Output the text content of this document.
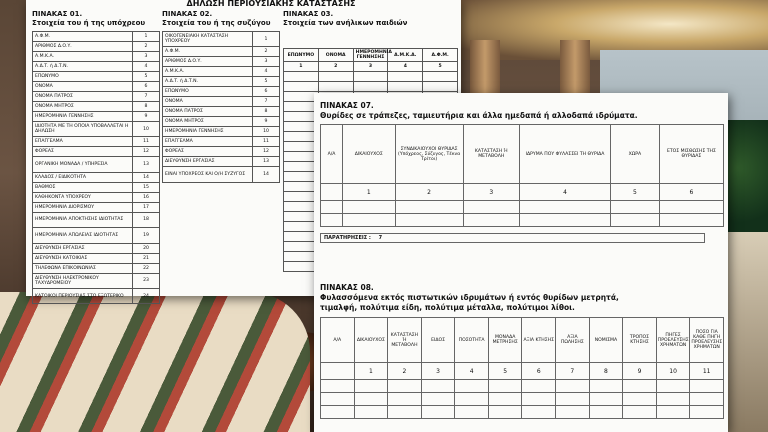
ΔΗΛΩΣΗ ΠΕΡΙΟΥΣΙΑΚΗΣ ΚΑΤΑΣΤΑΣΗΣ
ΠΙΝΑΚΑΣ 01.
Στοιχεία του ή της υπόχρεου
Α.Φ.Μ.	1
ΑΡΙΘΜΟΣ Δ.Ο.Υ.	2
Α.Μ.Κ.Α.	3
Α.Δ.Τ. ή Δ.Τ.Ν.	4
ΕΠΩΝΥΜΟ	5
ΟΝΟΜΑ	6
ΟΝΟΜΑ ΠΑΤΡΟΣ	7
ΟΝΟΜΑ ΜΗΤΡΟΣ	8
ΗΜΕΡΟΜΗΝΙΑ ΓΕΝΝΗΣΗΣ	9
ΙΔΙΟΤΗΤΑ ΜΕ ΤΗ ΟΠΟΙΑ ΥΠΟΒΑΛΛΕΤΑΙ Η ΔΗΛΩΣΗ	10
ΕΠΑΓΓΕΛΜΑ	11
ΦΟΡΕΑΣ	12
ΟΡΓΑΝΙΚΗ ΜΟΝΑΔΑ / ΥΠΗΡΕΣΙΑ	13
ΚΛΑΔΟΣ / ΕΙΔΙΚΟΤΗΤΑ	14
ΒΑΘΜΟΣ	15
ΚΑΘΗΚΟΝΤΑ ΥΠΟΧΡΕΟΥ	16
ΗΜΕΡΟΜΗΝΙΑ ΔΙΟΡΙΣΜΟΥ	17
ΗΜΕΡΟΜΗΝΙΑ ΑΠΟΚΤΗΣΗΣ ΙΔΙΟΤΗΤΑΣ	18
ΗΜΕΡΟΜΗΝΙΑ ΑΠΩΛΕΙΑΣ ΙΔΙΟΤΗΤΑΣ	19
ΔΙΕΥΘΥΝΣΗ ΕΡΓΑΣΙΑΣ	20
ΔΙΕΥΘΥΝΣΗ ΚΑΤΟΙΚΙΑΣ	21
ΤΗΛΕΦΩΝΑ ΕΠΙΚΟΙΝΩΝΙΑΣ	22
ΔΙΕΥΘΥΝΣΗ ΗΛΕΚΤΡΟΝΙΚΟΥ ΤΑΧΥΔΡΟΜΕΙΟΥ	23
ΚΑΤΟΙΚΟΙ ΠΕΡΙΟΥΣΙΑΣ ΣΤΟ ΕΞΩΤΕΡΙΚΟ	24
ΠΙΝΑΚΑΣ 02.
Στοιχεία του ή της συζύγου
ΟΙΚΟΓΕΝΕΙΑΚΗ ΚΑΤΑΣΤΑΣΗ ΥΠΟΧΡΕΟΥ	1
Α.Φ.Μ.	2
ΑΡΙΘΜΟΣ Δ.Ο.Υ.	3
Α.Μ.Κ.Α.	4
Α.Δ.Τ. ή Δ.Τ.Ν.	5
ΕΠΩΝΥΜΟ	6
ΟΝΟΜΑ	7
ΟΝΟΜΑ ΠΑΤΡΟΣ	8
ΟΝΟΜΑ ΜΗΤΡΟΣ	9
ΗΜΕΡΟΜΗΝΙΑ ΓΕΝΝΗΣΗΣ	10
ΕΠΑΓΓΕΛΜΑ	11
ΦΟΡΕΑΣ	12
ΔΙΕΥΘΥΝΣΗ ΕΡΓΑΣΙΑΣ	13
ΕΙΝΑΙ ΥΠΟΧΡΕΟΣ ΚΑΙ Ο/Η ΣΥΖΥΓΟΣ	14
ΠΙΝΑΚΑΣ 03.
Στοιχεία των ανήλικων παιδιών
ΕΠΩΝΥΜΟ	ΟΝΟΜΑ	ΗΜΕΡΟΜΗΝΙΑ ΓΕΝΝΗΣΗΣ	Α.Μ.Κ.Α.	Α.Φ.Μ.
1	2	3	4	5

ΠΙΝΑΚΑΣ 07.
Θυρίδες σε τράπεζες, ταμιευτήρια και άλλα ημεδαπά ή αλλοδαπά ιδρύματα.
Α/Α	ΔΙΚΑΙΟΥΧΟΣ	ΣΥΝΔΙΚΑΙΟΥΧΟΙ ΘΥΡΙΔΑΣ (Υπόχρεος, Σύζυγος, Τέκνα Τρίτοι)	ΚΑΤΑΣΤΑΣΗ Ή ΜΕΤΑΒΟΛΗ	ΙΔΡΥΜΑ ΠΟΥ ΦΥΛΑΣΣΕΙ ΤΗ ΘΥΡΙΔΑ	ΧΩΡΑ	ΕΤΟΣ ΜΙΣΘΩΣΗΣ ΤΗΣ ΘΥΡΙΔΑΣ
	1	2	3	4	5	6

ΠΑΡΑΤΗΡΗΣΕΙΣ : 7
ΠΙΝΑΚΑΣ 08.
Φυλασσόμενα εκτός πιστωτικών ιδρυμάτων ή εντός θυρίδων μετρητά,
τιμαλφή, πολύτιμα είδη, πολύτιμα μέταλλα, πολύτιμοι λίθοι.
Α/Α	ΔΙΚΑΙΟΥΧΟΣ	ΚΑΤΑΣΤΑΣΗ Ή ΜΕΤΑΒΟΛΗ	ΕΙΔΟΣ	ΠΟΣΟΤΗΤΑ	ΜΟΝΑΔΑ ΜΕΤΡΗΣΗΣ	ΑΞΙΑ ΚΤΗΣΗΣ	ΑΞΙΑ ΠΩΛΗΣΗΣ	ΝΟΜΙΣΜΑ	ΤΡΟΠΟΣ ΚΤΗΣΗΣ	ΠΗΓΕΣ ΠΡΟΕΛΕΥΣΗΣ ΧΡΗΜΑΤΩΝ	ΠΟΣΟ ΓΙΑ ΚΑΘΕ ΠΗΓΗ ΠΡΟΕΛΕΥΣΗΣ ΧΡΗΜΑΤΩΝ
	1	2	3	4	5	6	7	8	9	10	11
